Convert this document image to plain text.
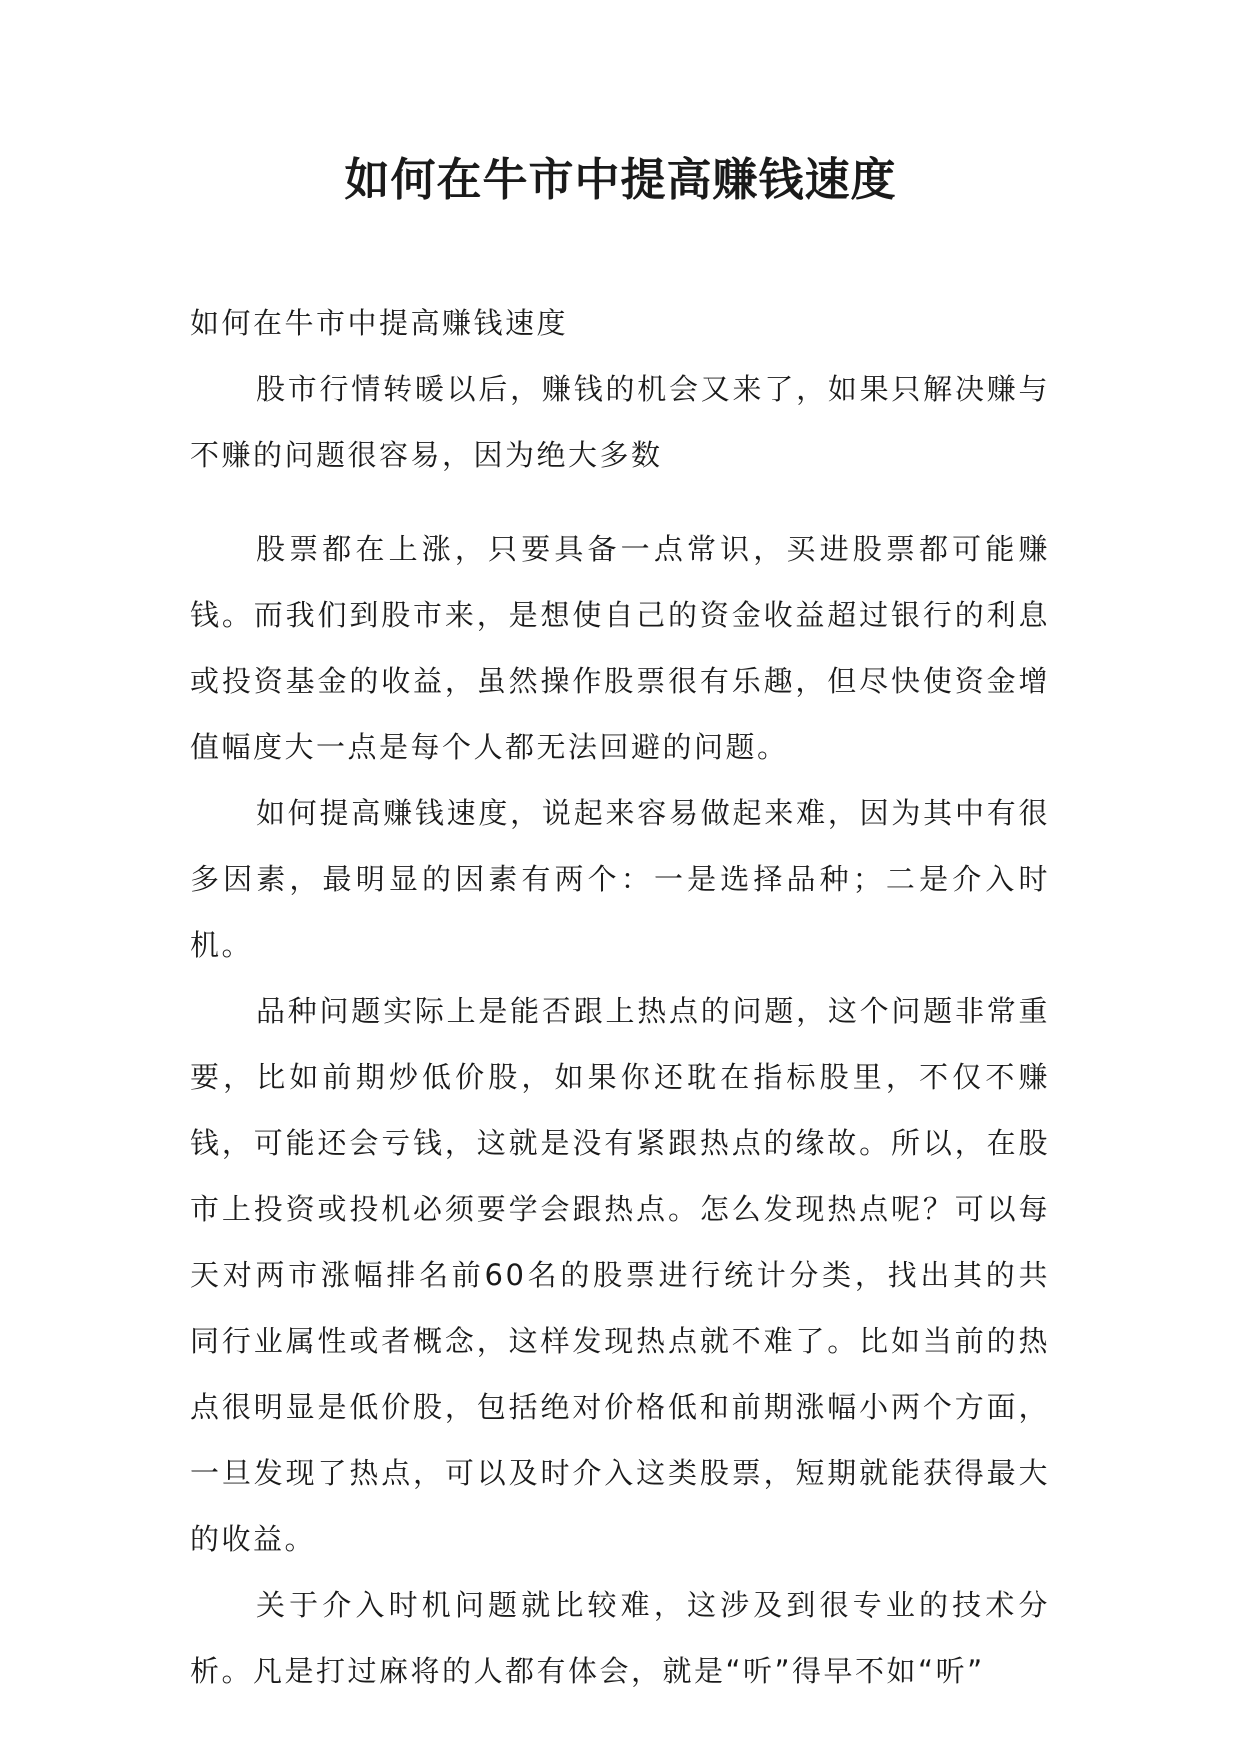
如何在牛市中提高赚钱速度

如何在牛市中提高赚钱速度

股市行情转暖以后，赚钱的机会又来了，如果只解决赚与不赚的问题很容易，因为绝大多数

股票都在上涨，只要具备一点常识，买进股票都可能赚钱。而我们到股市来，是想使自己的资金收益超过银行的利息或投资基金的收益，虽然操作股票很有乐趣，但尽快使资金增值幅度大一点是每个人都无法回避的问题。

如何提高赚钱速度，说起来容易做起来难，因为其中有很多因素，最明显的因素有两个：一是选择品种；二是介入时机。

品种问题实际上是能否跟上热点的问题，这个问题非常重要，比如前期炒低价股，如果你还耽在指标股里，不仅不赚钱，可能还会亏钱，这就是没有紧跟热点的缘故。所以，在股市上投资或投机必须要学会跟热点。怎么发现热点呢？可以每天对两市涨幅排名前60名的股票进行统计分类，找出其的共同行业属性或者概念，这样发现热点就不难了。比如当前的热点很明显是低价股，包括绝对价格低和前期涨幅小两个方面，一旦发现了热点，可以及时介入这类股票，短期就能获得最大的收益。

关于介入时机问题就比较难，这涉及到很专业的技术分析。凡是打过麻将的人都有体会，就是“听”得早不如“听”
